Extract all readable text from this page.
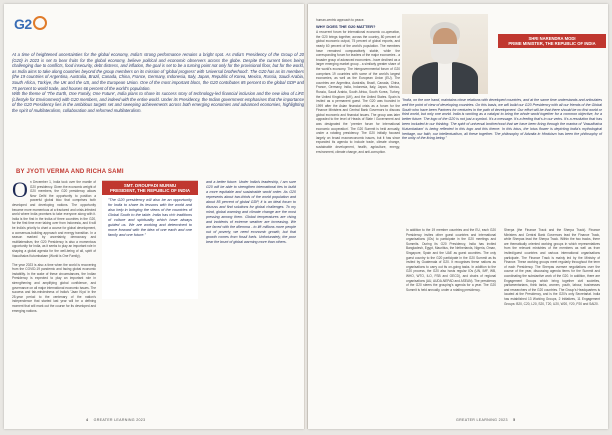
G2
At a time of heightened uncertainties for the global economy, India's strong performance remains a bright spot. As India's Presidency of the Group of 20 (G20) in 2023 is set to bear fruits for the global economy, believe political and economic observers across the globe. Despite the current times being challenging due to conflicts, food insecurity, debt distress, and inflation, the goal is set to be a turning point not only for the provisional floor, but for the world, as India aims to take along countries beyond the group members on its mission of 'global progress' with 'universal brotherhood'. The G20 has as its members (the 19 countries of Argentina, Australia, Brazil, Canada, China, France, Germany, Indonesia, Italy, Japan, Republic of Korea, Mexico, Russia, Saudi Arabia, South Africa, Türkiye, the UK and the US, and the European Union. One of the most important blocs, the G20 contributes 85 percent to the global GDP and 75 percent to world trade, and houses 66 percent of the world's population.
With the theme of 'The Earth, One Family, One Future', India plans to share its success story of technology-led financial inclusion and the new idea of LiFE (Lifestyle for Environment) with G20 members, and indeed with the entire world. Under its Presidency, the Indian government emphasises that the importance of the G20 Presidency lies in the ambitious targets set and sweeping achievements across both emerging economies and advanced economies, highlighting the spirit of multilateralism, collaboration and reformed multilateralism.
BY JYOTI VERMA AND RICHA SAMI
On December 1, India took over the mantle of G20 presidency. Given the economic weight of G20 members, the G20 presidency allows New Delhi the opportunity to position a powerful global bloc that comprises both developed and developing nations. The opportunity became more momentous at a fractured and crisis-infected world where India promises to take everyone along with it. India is the first in the troika of three countries in the G20, for the first time ever taking over from Indonesia, and it will be India's priority to chart a course for global development, a consensus-building approach and energy transition. In a season marked by uncertainty, democracy and multilateralism, the G20 Presidency is also a momentous opportunity for India, as it seeks to play an important role in shaping a global agenda for the well-being of all, spirit of Vasudhaiva Kutumbakam (World is One Family).

The year 2023 is also a time when the world is recovering from the COVID-19 pandemic and facing global economic instability. In the wake of these circumstances, the Indian Presidency is expected to play an important role in strengthening and amplifying global confidence, and governance on all major international economic issues. The success and fair-mindedness of India's 'Jaan Kiya' in the 25-year period to the centenary of the nation's independence that started last year will be a defining moment that will mark out the course for its developed and emerging nations.
SMT. DROUPADI MURMU
PRESIDENT, THE REPUBLIC OF INDIA
"The G20 presidency will also be an opportunity for India to share its lessons with the world and also help in bringing the views of the countries of Global South to the table. India has rich traditions of culture and spirituality which have always guided us. We are working and determined to move forward with the idea of one earth and one family and one future."
and a better future. Under India's leadership, I am sure G20 will be able to strengthen international ties to build a more equitable and sustainable world order. As G20 represents about two-thirds of the world population and about 85 percent of global GDP, it is an ideal forum to discuss and find solutions for global challenges. To my mind, global warming and climate change are the most pressing among them. Global temperatures are rising and incidents of extreme weather are increasing. We are faced with the dilemma - to lift millions more people out of poverty, we need economic growth, but that growth comes from fossil fuels. Unfortunately, the poor bear the brunt of global warming more than others.
4 GREATER LEARNING 2023
human-centric approach to peace.
WHY DOES THE G20 MATTER?
A recurrent forum for international economic co-operation, the G20 brings together, across the country, 80 percent of global economic output, 75 percent of global exports, and nearly 60 percent of the world's population. The members have remained comparatively stable, while the corresponding forum for leaders of the major economies - a broader group of advanced economies - have declined as a larger emerging market group - a similarly greater share of the world's economy. The intergovernmental forum of G20 comprises 19 countries with some of the world's largest economies, as well as the European Union (EU). The countries are Argentina, Australia, Brazil, Canada, China, France, Germany, India, Indonesia, Italy, Japan, Mexico, Russia, Saudi Arabia, South Africa, South Korea, Turkey, the United Kingdom (UK), and the United States. Spain is invited as a permanent guest. The G20 was founded in 1999 after the Asian financial crisis as a forum for the Finance Ministers and Central Bank Governors to discuss global economic and financial issues. The group was later upgraded to the level of Heads of State / Government and was designated the 'premier forum for international economic cooperation'. The G20 Summit is held annually, under a rotating presidency. The G20 initially focused largely on broad macroeconomic issues, but it has since expanded its agenda to include trade, climate change, sustainable development, health, agriculture, energy, environment, climate change, and anti-corruption.
SHRI NARENDRA MODI
PRIME MINISTER, THE REPUBLIC OF INDIA
"India, on the one hand, maintains close relations with developed countries, and at the same time understands and articulates well the point of view of developing countries. On this basis, we will build our G20 Presidency with all our friends of the Global South who have been Partners for centuries in the path of development. Our effort will be that there should be no first world or third world, but only one world. India is working as a catalyst to bring the whole world together for a common objective, for a better future. The logo of the G20 is not just a symbol. It's a message. It's a feeling that's in our veins. It's a resolution that has been included in our thinking. The spirit of universal brotherhood that we have been living through the mantra of 'Vasudhaiva Kutumbakam' is being reflected in this logo and this theme. In this lotus, the lotus flower is depicting India's mythological heritage, our faith, our intellectualism, all these together. The philosophy of Advaita in Hinduism has been the philosophy of the unity of the living being."
In addition to the 19 member countries and the EU, each G20 Presidency invites other guest countries and international organisations (IOs) to participate in the G20 meetings and Summits. During its G20 Presidency, India has invited Bangladesh, Egypt, Mauritius, the Netherlands, Nigeria, Oman, Singapore, Spain and the UAE as guest countries. The only guest country to the G20 participate in the G20 Summit as its invited by Guatemala of G20. It recognises these nations as organisations to carry out its on-going tasks. In addition to the G20 process, the G20 also hosts regular IOs (UN, IMF, WB, WHO, WTO, ILO, FSB and OECD), and chairs of regional organisations (AU, AUDA-NEPAD and ASEAN). The presidency of the G20 steers the grouping's agenda for a year. The G20 Summit is held annually, under a rotating presidency.
Sherpa (the Finance Track and the Sherpa Track). Finance Ministers and Central Bank Governors lead the Finance Track, while Sherpas lead the Sherpa Track. Within the two tracks, there are thematically oriented working groups in which representatives from the relevant ministries of the members as well as from invited/guest countries and various international organisations participate. The Finance Track is mainly led by the Ministry of Finance. These working groups meet regularly throughout the term of each Presidency. The Sherpas oversee negotiations over the course of the year, discussing agenda items for the Summit and coordinating the substantive work of the G20. In addition, there are Engagement Groups which bring together civil societies, parliamentarians, think tanks, women, youth, labour, businesses and researchers of the G20 countries. The Group's Headquarters is located at the Presidency, and is the G20's only Secretariat. India has established 13 Working Groups, 2 Initiatives, 11 Engagement Groups: B20, C20, L20, S20, T20, U20, W20, Y20, P20 and SAI20.
GREATER LEARNING 2023 5
